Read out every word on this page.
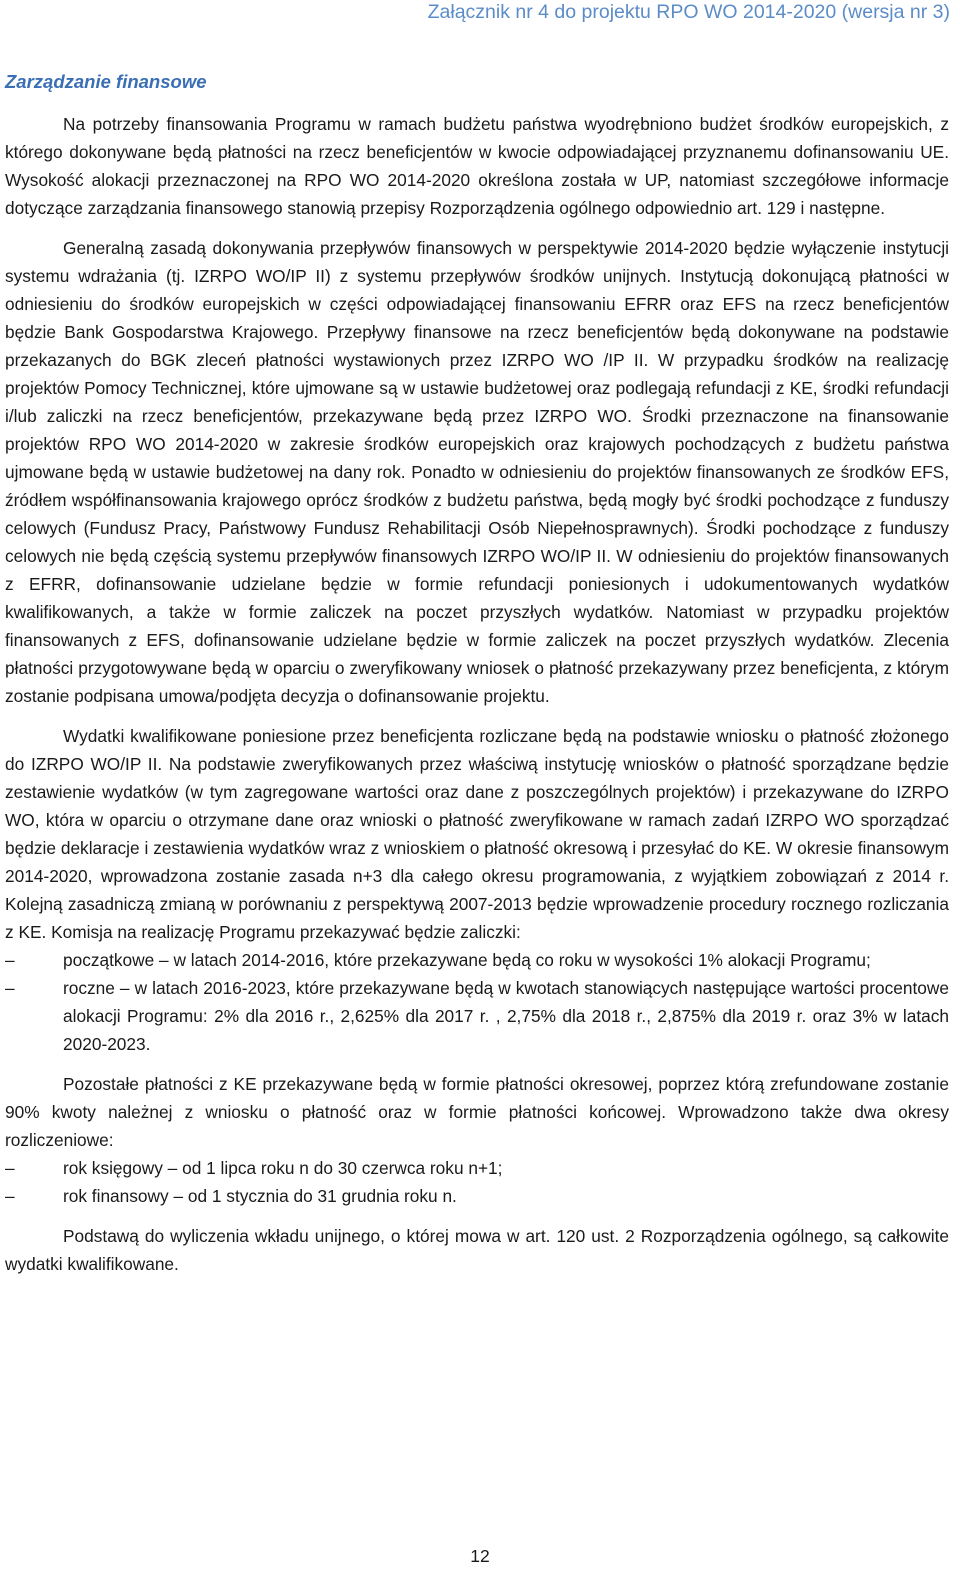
Załącznik nr 4 do projektu RPO WO 2014-2020 (wersja nr 3)
Zarządzanie finansowe

Na potrzeby finansowania Programu w ramach budżetu państwa wyodrębniono budżet środków europejskich, z którego dokonywane będą płatności na rzecz beneficjentów w kwocie odpowiadającej przyznanemu dofinansowaniu UE. Wysokość alokacji przeznaczonej na RPO WO 2014-2020 określona została w UP, natomiast szczegółowe informacje dotyczące zarządzania finansowego stanowią przepisy Rozporządzenia ogólnego odpowiednio art. 129 i następne.

Generalną zasadą dokonywania przepływów finansowych w perspektywie 2014-2020 będzie wyłączenie instytucji systemu wdrażania (tj. IZRPO WO/IP II) z systemu przepływów środków unijnych. Instytucją dokonującą płatności w odniesieniu do środków europejskich w części odpowiadającej finansowaniu EFRR oraz EFS na rzecz beneficjentów będzie Bank Gospodarstwa Krajowego. Przepływy finansowe na rzecz beneficjentów będą dokonywane na podstawie przekazanych do BGK zleceń płatności wystawionych przez IZRPO WO /IP II. W przypadku środków na realizację projektów Pomocy Technicznej, które ujmowane są w ustawie budżetowej oraz podlegają refundacji z KE, środki refundacji i/lub zaliczki na rzecz beneficjentów, przekazywane będą przez IZRPO WO. Środki przeznaczone na finansowanie projektów RPO WO 2014-2020 w zakresie środków europejskich oraz krajowych pochodzących z budżetu państwa ujmowane będą w ustawie budżetowej na dany rok. Ponadto w odniesieniu do projektów finansowanych ze środków EFS, źródłem współfinansowania krajowego oprócz środków z budżetu państwa, będą mogły być środki pochodzące z funduszy celowych (Fundusz Pracy, Państwowy Fundusz Rehabilitacji Osób Niepełnosprawnych). Środki pochodzące z funduszy celowych nie będą częścią systemu przepływów finansowych IZRPO WO/IP II. W odniesieniu do projektów finansowanych z EFRR, dofinansowanie udzielane będzie w formie refundacji poniesionych i udokumentowanych wydatków kwalifikowanych, a także w formie zaliczek na poczet przyszłych wydatków. Natomiast w przypadku projektów finansowanych z EFS, dofinansowanie udzielane będzie w formie zaliczek na poczet przyszłych wydatków. Zlecenia płatności przygotowywane będą w oparciu o zweryfikowany wniosek o płatność przekazywany przez beneficjenta, z którym zostanie podpisana umowa/podjęta decyzja o dofinansowanie projektu.

Wydatki kwalifikowane poniesione przez beneficjenta rozliczane będą na podstawie wniosku o płatność złożonego do IZRPO WO/IP II. Na podstawie zweryfikowanych przez właściwą instytucję wniosków o płatność sporządzane będzie zestawienie wydatków (w tym zagregowane wartości oraz dane z poszczególnych projektów) i przekazywane do IZRPO WO, która w oparciu o otrzymane dane oraz wnioski o płatność zweryfikowane w ramach zadań IZRPO WO sporządzać będzie deklaracje i zestawienia wydatków wraz z wnioskiem o płatność okresową i przesyłać do KE. W okresie finansowym 2014-2020, wprowadzona zostanie zasada n+3 dla całego okresu programowania, z wyjątkiem zobowiązań z 2014 r. Kolejną zasadniczą zmianą w porównaniu z perspektywą 2007-2013 będzie wprowadzenie procedury rocznego rozliczania z KE. Komisja na realizację Programu przekazywać będzie zaliczki:

–	początkowe – w latach 2014-2016, które przekazywane będą co roku w wysokości 1% alokacji Programu;
–	roczne – w latach 2016-2023, które przekazywane będą w kwotach stanowiących następujące wartości procentowe alokacji Programu: 2% dla 2016 r., 2,625% dla 2017 r. , 2,75% dla 2018 r., 2,875% dla 2019 r. oraz 3% w latach 2020-2023.

Pozostałe płatności z KE przekazywane będą w formie płatności okresowej, poprzez którą zrefundowane zostanie 90% kwoty należnej z wniosku o płatność oraz w formie płatności końcowej. Wprowadzono także dwa okresy rozliczeniowe:

–	rok księgowy – od 1 lipca roku n do 30 czerwca roku n+1;
–	rok finansowy – od 1 stycznia do 31 grudnia roku n.

Podstawą do wyliczenia wkładu unijnego, o której mowa w art. 120 ust. 2 Rozporządzenia ogólnego, są całkowite wydatki kwalifikowane.

12
